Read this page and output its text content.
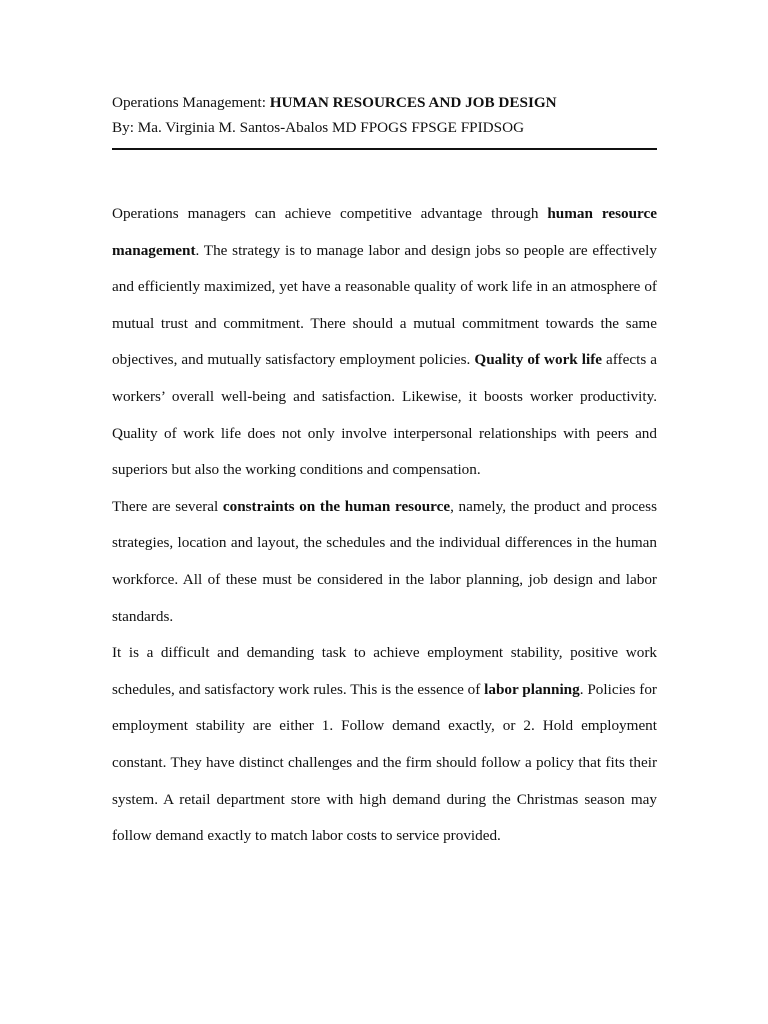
Operations Management: HUMAN RESOURCES AND JOB DESIGN
By: Ma. Virginia M. Santos-Abalos MD FPOGS FPSGE FPIDSOG

Operations managers can achieve competitive advantage through human resource management. The strategy is to manage labor and design jobs so people are effectively and efficiently maximized, yet have a reasonable quality of work life in an atmosphere of mutual trust and commitment. There should a mutual commitment towards the same objectives, and mutually satisfactory employment policies. Quality of work life affects a workers’ overall well-being and satisfaction. Likewise, it boosts worker productivity. Quality of work life does not only involve interpersonal relationships with peers and superiors but also the working conditions and compensation.

There are several constraints on the human resource, namely, the product and process strategies, location and layout, the schedules and the individual differences in the human workforce. All of these must be considered in the labor planning, job design and labor standards.

It is a difficult and demanding task to achieve employment stability, positive work schedules, and satisfactory work rules. This is the essence of labor planning. Policies for employment stability are either 1. Follow demand exactly, or 2. Hold employment constant. They have distinct challenges and the firm should follow a policy that fits their system. A retail department store with high demand during the Christmas season may follow demand exactly to match labor costs to service provided.
